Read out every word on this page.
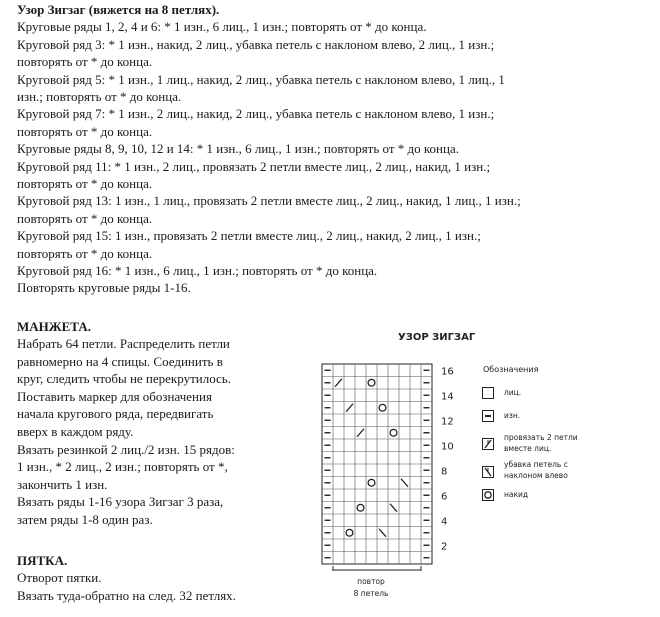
Узор Зигзаг (вяжется на 8 петлях).
Круговые ряды 1, 2, 4 и 6: * 1 изн., 6 лиц., 1 изн.; повторять от * до конца.
Круговой ряд 3: * 1 изн., накид, 2 лиц., убавка петель с наклоном влево, 2 лиц., 1 изн.;
повторять от * до конца.
Круговой ряд 5: * 1 изн., 1 лиц., накид, 2 лиц., убавка петель с наклоном влево, 1 лиц., 1
изн.; повторять от * до конца.
Круговой ряд 7: * 1 изн., 2 лиц., накид, 2 лиц., убавка петель с наклоном влево, 1 изн.;
повторять от * до конца.
Круговые ряды 8, 9, 10, 12 и 14: * 1 изн., 6 лиц., 1 изн.; повторять от * до конца.
Круговой ряд 11: * 1 изн., 2 лиц., провязать 2 петли вместе лиц., 2 лиц., накид, 1 изн.;
повторять от * до конца.
Круговой ряд 13: 1 изн., 1 лиц., провязать 2 петли вместе лиц., 2 лиц., накид, 1 лиц., 1 изн.;
повторять от * до конца.
Круговой ряд 15: 1 изн., провязать 2 петли вместе лиц., 2 лиц., накид, 2 лиц., 1 изн.;
повторять от * до конца.
Круговой ряд 16: * 1 изн., 6 лиц., 1 изн.; повторять от * до конца.
Повторять круговые ряды 1-16.
МАНЖЕТА.
Набрать 64 петли. Распределить петли
равномерно на 4 спицы. Соединить в
круг, следить чтобы не перекрутилось.
Поставить маркер для обозначения
начала кругового ряда, передвигать
вверх в каждом ряду.
Вязать резинкой 2 лиц./2 изн. 15 рядов:
1 изн., * 2 лиц., 2 изн.; повторять от *,
закончить 1 изн.
Вязать ряды 1-16 узора Зигзаг 3 раза,
затем ряды 1-8 один раз.
ПЯТКА.
Отворот пятки.
Вязать туда-обратно на след. 32 петлях.
УЗОР ЗИГЗАГ
16
14
12
10
8
6
4
2
повтор
8 петель
Обозначения
лиц.
изн.
провязать 2 петли
вместе лиц.
убавка петель с
наклоном влево
накид
